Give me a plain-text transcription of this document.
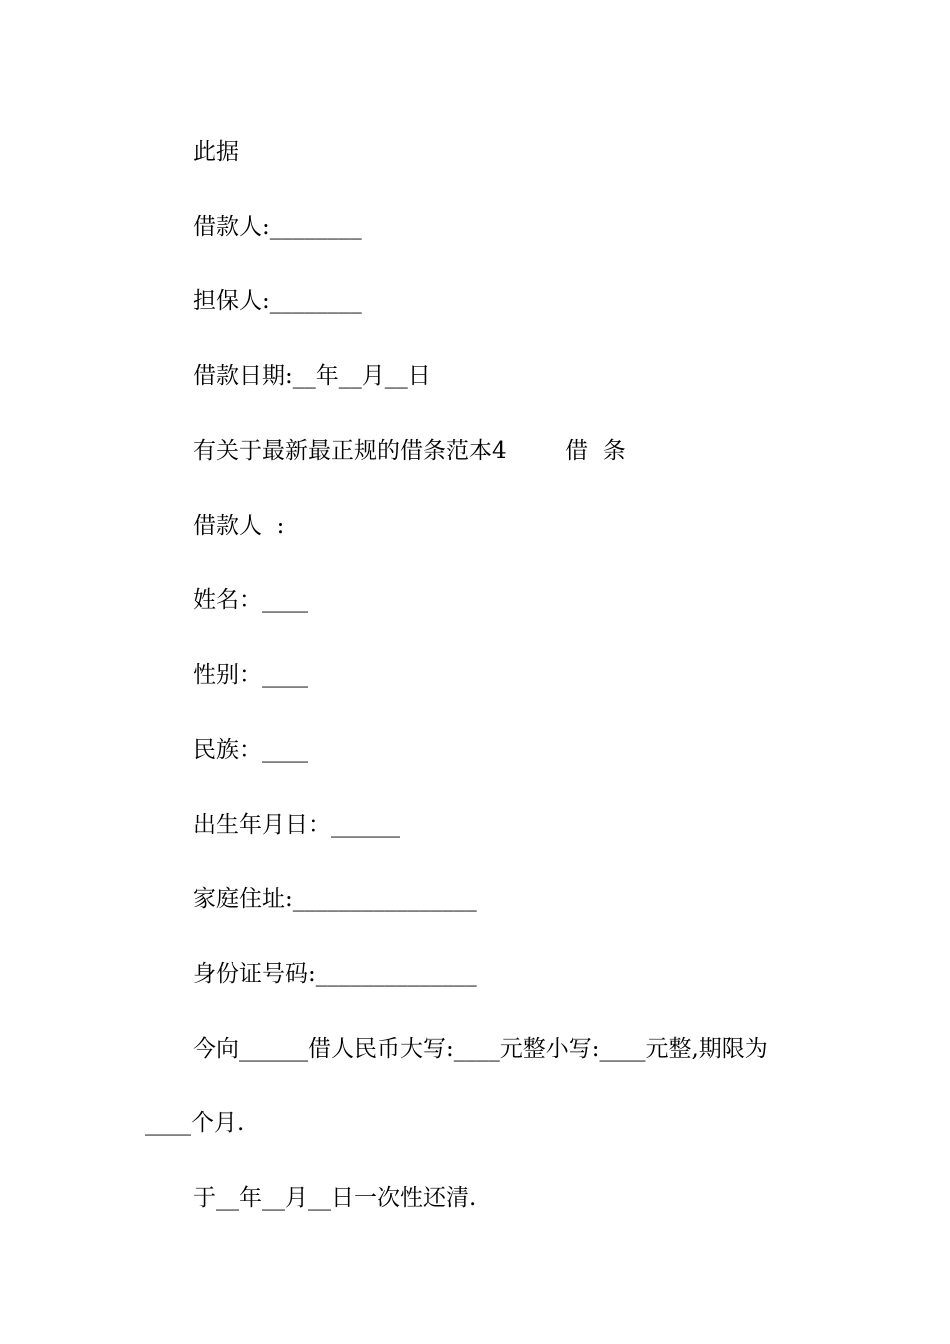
此据

借款人:________

担保人:________

借款日期:__年__月__日

有关于最新最正规的借条范本4        借  条

借款人  :

姓名：____

性别：____

民族：____

出生年月日：______

家庭住址:________________

身份证号码:______________

今向______借人民币大写:____元整小写:____元整,期限为

____个月.

于__年__月__日一次性还清.
